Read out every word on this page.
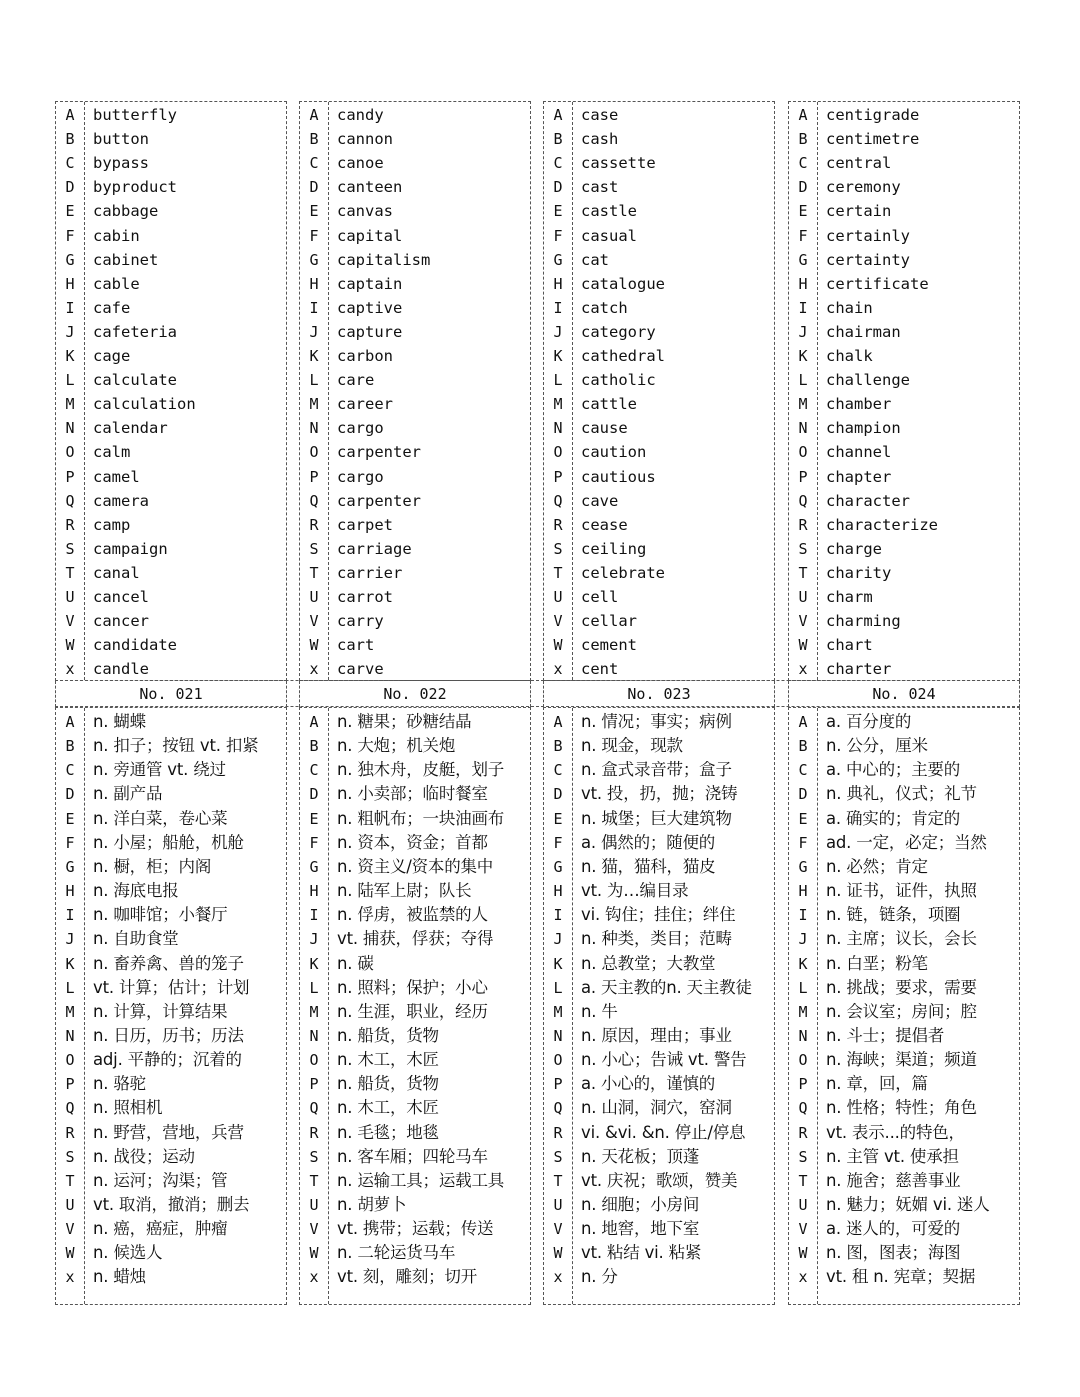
A	butterfly
B	button
C	bypass
D	byproduct
E	cabbage
F	cabin
G	cabinet
H	cable
I	cafe
J	cafeteria
K	cage
L	calculate
M	calculation
N	calendar
O	calm
P	camel
Q	camera
R	camp
S	campaign
T	canal
U	cancel
V	cancer
W	candidate
x	candle
A	n. 蝴蝶
B	n. 扣子；按钮 vt. 扣紧
C	n. 旁通管 vt. 绕过
D	n. 副产品
E	n. 洋白菜，卷心菜
F	n. 小屋；船舱，机舱
G	n. 橱，柜；内阁
H	n. 海底电报
I	n. 咖啡馆；小餐厅
J	n. 自助食堂
K	n. 畜养禽、兽的笼子
L	vt. 计算；估计；计划
M	n. 计算，计算结果
N	n. 日历，历书；历法
O	adj. 平静的；沉着的
P	n. 骆驼
Q	n. 照相机
R	n. 野营，营地，兵营
S	n. 战役；运动
T	n. 运河；沟渠；管
U	vt. 取消，撤消；删去
V	n. 癌，癌症，肿瘤
W	n. 候选人
x	n. 蜡烛
No. 021
A	candy
B	cannon
C	canoe
D	canteen
E	canvas
F	capital
G	capitalism
H	captain
I	captive
J	capture
K	carbon
L	care
M	career
N	cargo
O	carpenter
P	cargo
Q	carpenter
R	carpet
S	carriage
T	carrier
U	carrot
V	carry
W	cart
x	carve
A	n. 糖果；砂糖结晶
B	n. 大炮；机关炮
C	n. 独木舟，皮艇，划子
D	n. 小卖部；临时餐室
E	n. 粗帆布；一块油画布
F	n. 资本，资金；首都
G	n. 资主义/资本的集中
H	n. 陆军上尉；队长
I	n. 俘虏，被监禁的人
J	vt. 捕获，俘获；夺得
K	n. 碳
L	n. 照料；保护；小心
M	n. 生涯，职业，经历
N	n. 船货，货物
O	n. 木工，木匠
P	n. 船货，货物
Q	n. 木工，木匠
R	n. 毛毯；地毯
S	n. 客车厢；四轮马车
T	n. 运输工具；运载工具
U	n. 胡萝卜
V	vt. 携带；运载；传送
W	n. 二轮运货马车
x	vt. 刻，雕刻；切开
No. 022
A	case
B	cash
C	cassette
D	cast
E	castle
F	casual
G	cat
H	catalogue
I	catch
J	category
K	cathedral
L	catholic
M	cattle
N	cause
O	caution
P	cautious
Q	cave
R	cease
S	ceiling
T	celebrate
U	cell
V	cellar
W	cement
x	cent
A	n. 情况；事实；病例
B	n. 现金，现款
C	n. 盒式录音带；盒子
D	vt. 投，扔，抛；浇铸
E	n. 城堡；巨大建筑物
F	a. 偶然的；随便的
G	n. 猫，猫科，猫皮
H	vt. 为…编目录
I	vi. 钩住；挂住；绊住
J	n. 种类，类目；范畴
K	n. 总教堂；大教堂
L	a. 天主教的n. 天主教徒
M	n. 牛
N	n. 原因，理由；事业
O	n. 小心；告诫 vt. 警告
P	a. 小心的，谨慎的
Q	n. 山洞，洞穴，窑洞
R	vi. &vi. &n. 停止/停息
S	n. 天花板；顶蓬
T	vt. 庆祝；歌颂，赞美
U	n. 细胞；小房间
V	n. 地窖，地下室
W	vt. 粘结 vi. 粘紧
x	n. 分
No. 023
A	centigrade
B	centimetre
C	central
D	ceremony
E	certain
F	certainly
G	certainty
H	certificate
I	chain
J	chairman
K	chalk
L	challenge
M	chamber
N	champion
O	channel
P	chapter
Q	character
R	characterize
S	charge
T	charity
U	charm
V	charming
W	chart
x	charter
A	a. 百分度的
B	n. 公分，厘米
C	a. 中心的；主要的
D	n. 典礼，仪式；礼节
E	a. 确实的；肯定的
F	ad. 一定，必定；当然
G	n. 必然；肯定
H	n. 证书，证件，执照
I	n. 链，链条，项圈
J	n. 主席；议长，会长
K	n. 白垩；粉笔
L	n. 挑战；要求，需要
M	n. 会议室；房间；腔
N	n. 斗士；提倡者
O	n. 海峡；渠道；频道
P	n. 章，回，篇
Q	n. 性格；特性；角色
R	vt. 表示...的特色，
S	n. 主管 vt. 使承担
T	n. 施舍；慈善事业
U	n. 魅力；妩媚 vi. 迷人
V	a. 迷人的，可爱的
W	n. 图，图表；海图
x	vt. 租 n. 宪章；契据
No. 024
